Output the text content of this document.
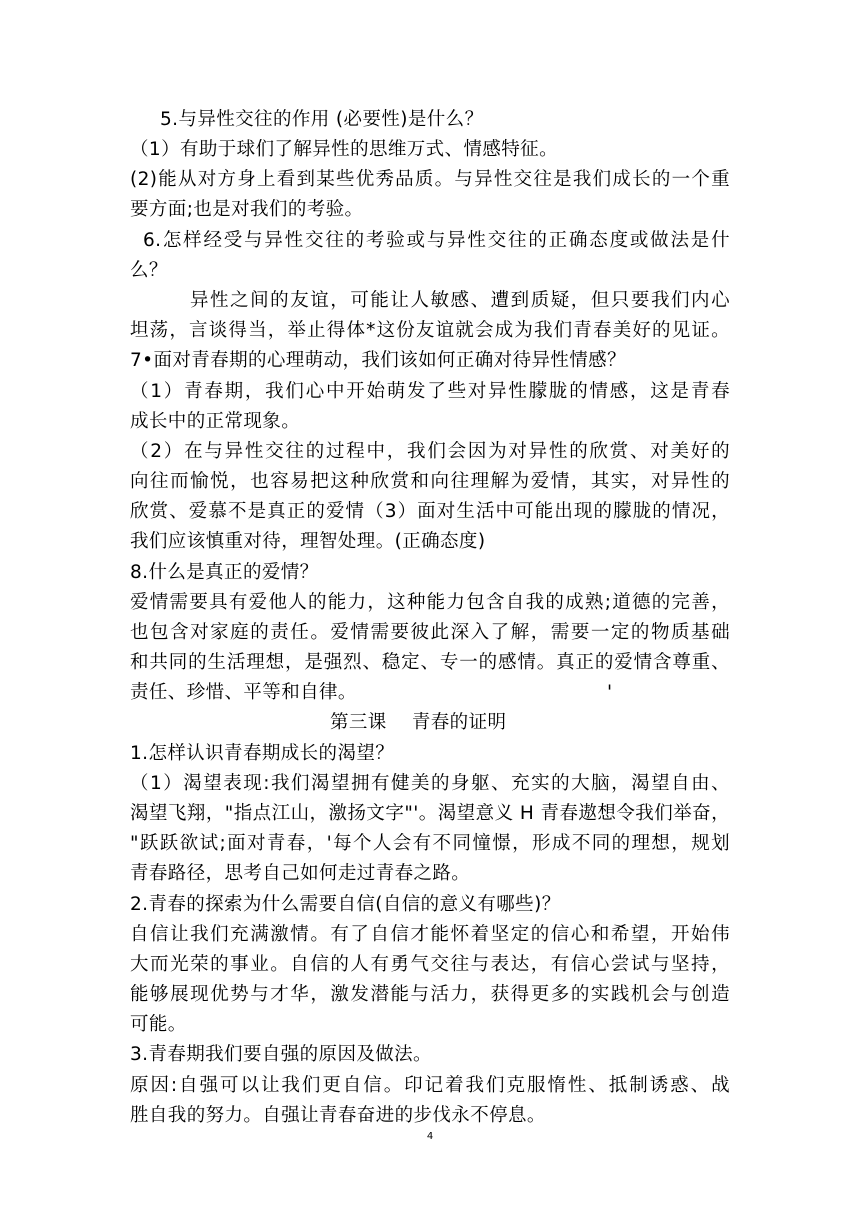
5.与异性交往的作用 (必要性)是什么？

（1）有助于球们了解异性的思维万式、情感特征。

(2)能从对方身上看到某些优秀品质。与异性交往是我们成长的一个重

要方面;也是对我们的考验。

6.怎样经受与异性交往的考验或与异性交往的正确态度或做法是什

么？

异性之间的友谊，可能让人敏感、遭到质疑，但只要我们内心

坦荡，言谈得当，举止得体*这份友谊就会成为我们青春美好的见证。

7•面对青春期的心理萌动，我们该如何正确对待异性情感？

（1）青春期，我们心中开始萌发了些对异性朦胧的情感，这是青春

成长中的正常现象。

（2）在与异性交往的过程中，我们会因为对异性的欣赏、对美好的

向往而愉悦，也容易把这种欣赏和向往理解为爱情，其实，对异性的

欣赏、爱慕不是真正的爱情（3）面对生活中可能出现的朦胧的情况，

我们应该慎重对待，理智处理。(正确态度)

8.什么是真正的爱情？

爱情需要具有爱他人的能力，这种能力包含自我的成熟;道德的完善，

也包含对家庭的责任。爱情需要彼此深入了解，需要一定的物质基础

和共同的生活理想，是强烈、稳定、专一的感情。真正的爱情含尊重、

责任、珍惜、平等和自律。	'

第三课　 青春的证明

1.怎样认识青春期成长的渴望？

（1）渴望表现:我们渴望拥有健美的身躯、充实的大脑，渴望自由、

渴望飞翔，"指点江山，激扬文字"'。渴望意义 H 青春遨想令我们举奋，

"跃跃欲试;面对青春，'每个人会有不同憧憬，形成不同的理想，规划

青春路径，思考自己如何走过青春之路。

2.青春的探索为什么需要自信(自信的意义有哪些)？

自信让我们充满激情。有了自信才能怀着坚定的信心和希望，开始伟

大而光荣的事业。自信的人有勇气交往与表达，有信心尝试与坚持，

能够展现优势与才华，激发潜能与活力，获得更多的实践机会与创造

可能。

3.青春期我们要自强的原因及做法。

原因:自强可以让我们更自信。印记着我们克服惰性、抵制诱惑、战

胜自我的努力。自强让青春奋进的步伐永不停息。

4
